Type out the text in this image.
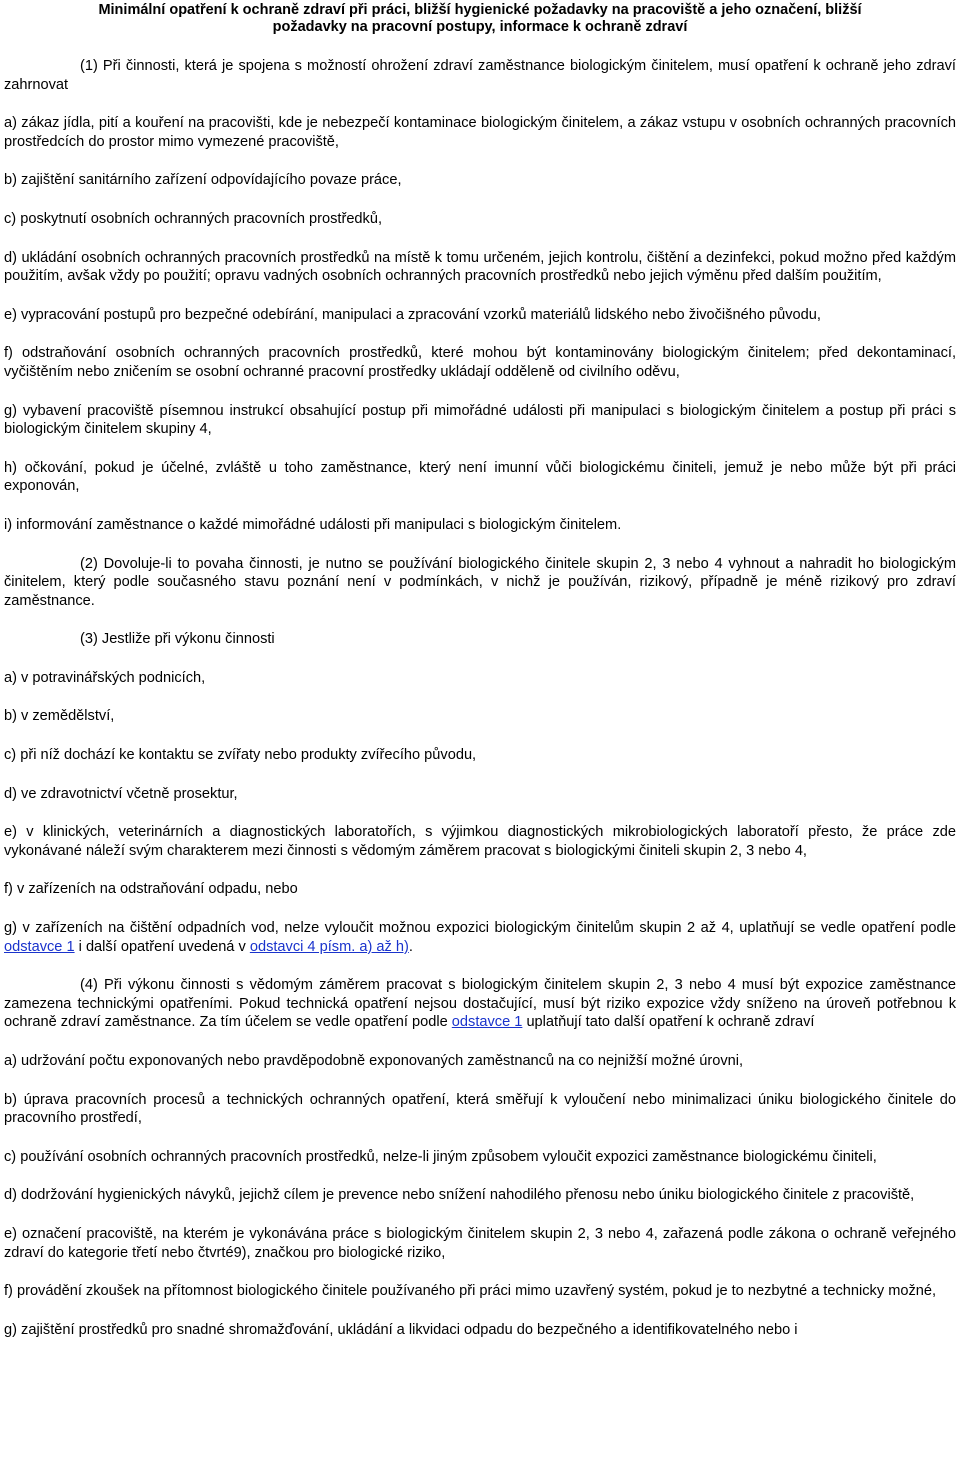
Minimální opatření k ochraně zdraví při práci, bližší hygienické požadavky na pracoviště a jeho označení, bližší
požadavky na pracovní postupy, informace k ochraně zdraví

(1) Při činnosti, která je spojena s možností ohrožení zdraví zaměstnance biologickým činitelem, musí opatření k ochraně jeho zdraví zahrnovat

a) zákaz jídla, pití a kouření na pracovišti, kde je nebezpečí kontaminace biologickým činitelem, a zákaz vstupu v osobních ochranných pracovních prostředcích do prostor mimo vymezené pracoviště,

b) zajištění sanitárního zařízení odpovídajícího povaze práce,

c) poskytnutí osobních ochranných pracovních prostředků,

d) ukládání osobních ochranných pracovních prostředků na místě k tomu určeném, jejich kontrolu, čištění a dezinfekci, pokud možno před každým použitím, avšak vždy po použití; opravu vadných osobních ochranných pracovních prostředků nebo jejich výměnu před dalším použitím,

e) vypracování postupů pro bezpečné odebírání, manipulaci a zpracování vzorků materiálů lidského nebo živočišného původu,

f) odstraňování osobních ochranných pracovních prostředků, které mohou být kontaminovány biologickým činitelem; před dekontaminací, vyčištěním nebo zničením se osobní ochranné pracovní prostředky ukládají odděleně od civilního oděvu,

g) vybavení pracoviště písemnou instrukcí obsahující postup při mimořádné události při manipulaci s biologickým činitelem a postup při práci s biologickým činitelem skupiny 4,

h) očkování, pokud je účelné, zvláště u toho zaměstnance, který není imunní vůči biologickému činiteli, jemuž je nebo může být při práci exponován,

i) informování zaměstnance o každé mimořádné události při manipulaci s biologickým činitelem.

(2) Dovoluje-li to povaha činnosti, je nutno se používání biologického činitele skupin 2, 3 nebo 4 vyhnout a nahradit ho biologickým činitelem, který podle současného stavu poznání není v podmínkách, v nichž je používán, rizikový, případně je méně rizikový pro zdraví zaměstnance.

(3) Jestliže při výkonu činnosti

a) v potravinářských podnicích,

b) v zemědělství,

c) při níž dochází ke kontaktu se zvířaty nebo produkty zvířecího původu,

d) ve zdravotnictví včetně prosektur,

e) v klinických, veterinárních a diagnostických laboratořích, s výjimkou diagnostických mikrobiologických laboratoří přesto, že práce zde vykonávané náleží svým charakterem mezi činnosti s vědomým záměrem pracovat s biologickými činiteli skupin 2, 3 nebo 4,

f) v zařízeních na odstraňování odpadu, nebo

g) v zařízeních na čištění odpadních vod, nelze vyloučit možnou expozici biologickým činitelům skupin 2 až 4, uplatňují se vedle opatření podle odstavce 1 i další opatření uvedená v odstavci 4 písm. a) až h).

(4) Při výkonu činnosti s vědomým záměrem pracovat s biologickým činitelem skupin 2, 3 nebo 4 musí být expozice zaměstnance zamezena technickými opatřeními. Pokud technická opatření nejsou dostačující, musí být riziko expozice vždy sníženo na úroveň potřebnou k ochraně zdraví zaměstnance. Za tím účelem se vedle opatření podle odstavce 1 uplatňují tato další opatření k ochraně zdraví

a) udržování počtu exponovaných nebo pravděpodobně exponovaných zaměstnanců na co nejnižší možné úrovni,

b) úprava pracovních procesů a technických ochranných opatření, která směřují k vyloučení nebo minimalizaci úniku biologického činitele do pracovního prostředí,

c) používání osobních ochranných pracovních prostředků, nelze-li jiným způsobem vyloučit expozici zaměstnance biologickému činiteli,

d) dodržování hygienických návyků, jejichž cílem je prevence nebo snížení nahodilého přenosu nebo úniku biologického činitele z pracoviště,

e) označení pracoviště, na kterém je vykonávána práce s biologickým činitelem skupin 2, 3 nebo 4, zařazená podle zákona o ochraně veřejného zdraví do kategorie třetí nebo čtvrté9), značkou pro biologické riziko,

f) provádění zkoušek na přítomnost biologického činitele používaného při práci mimo uzavřený systém, pokud je to nezbytné a technicky možné,

g) zajištění prostředků pro snadné shromažďování, ukládání a likvidaci odpadu do bezpečného a identifikovatelného nebo i
